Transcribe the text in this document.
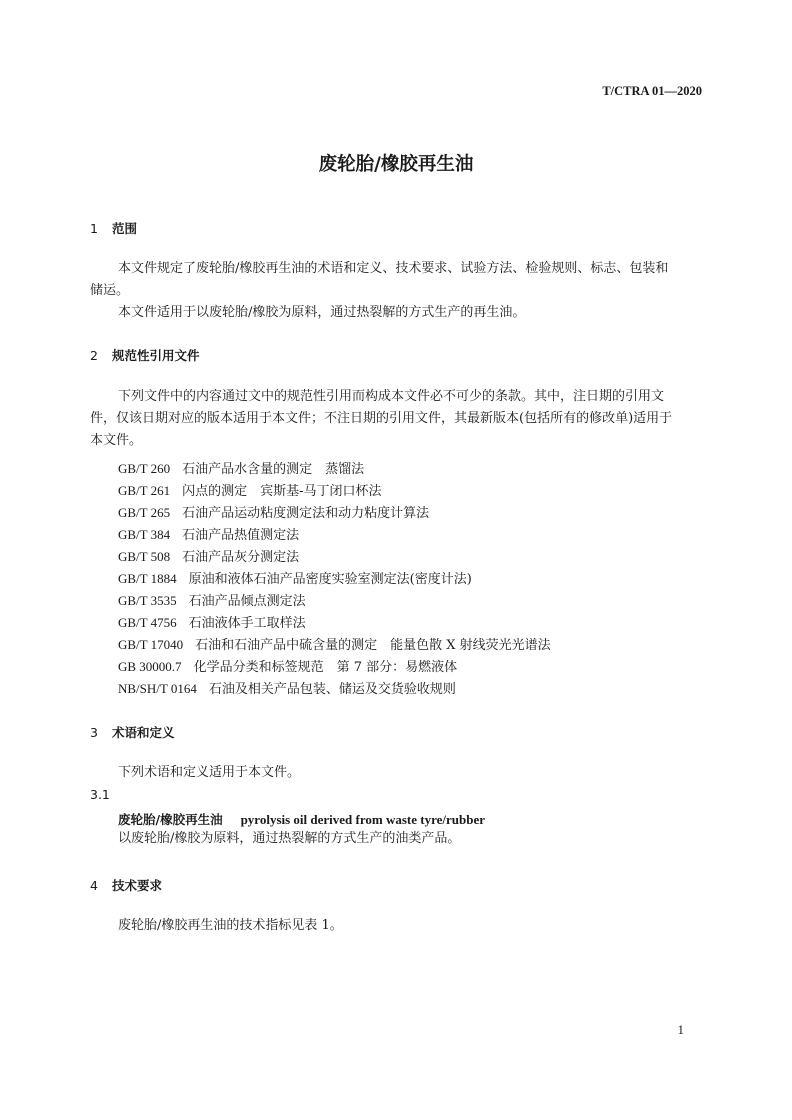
T/CTRA 01—2020
废轮胎/橡胶再生油
1 范围
本文件规定了废轮胎/橡胶再生油的术语和定义、技术要求、试验方法、检验规则、标志、包装和
储运。
本文件适用于以废轮胎/橡胶为原料，通过热裂解的方式生产的再生油。
2 规范性引用文件
下列文件中的内容通过文中的规范性引用而构成本文件必不可少的条款。其中，注日期的引用文
件，仅该日期对应的版本适用于本文件；不注日期的引用文件，其最新版本(包括所有的修改单)适用于
本文件。
GB/T 260 石油产品水含量的测定　蒸馏法
GB/T 261 闪点的测定　宾斯基-马丁闭口杯法
GB/T 265 石油产品运动粘度测定法和动力粘度计算法
GB/T 384 石油产品热值测定法
GB/T 508 石油产品灰分测定法
GB/T 1884 原油和液体石油产品密度实验室测定法(密度计法)
GB/T 3535 石油产品倾点测定法
GB/T 4756 石油液体手工取样法
GB/T 17040 石油和石油产品中硫含量的测定　能量色散 X 射线荧光光谱法
GB 30000.7 化学品分类和标签规范　第 7 部分：易燃液体
NB/SH/T 0164 石油及相关产品包装、储运及交货验收规则
3 术语和定义
下列术语和定义适用于本文件。
3.1
废轮胎/橡胶再生油 pyrolysis oil derived from waste tyre/rubber
以废轮胎/橡胶为原料，通过热裂解的方式生产的油类产品。
4 技术要求
废轮胎/橡胶再生油的技术指标见表 1。
1
